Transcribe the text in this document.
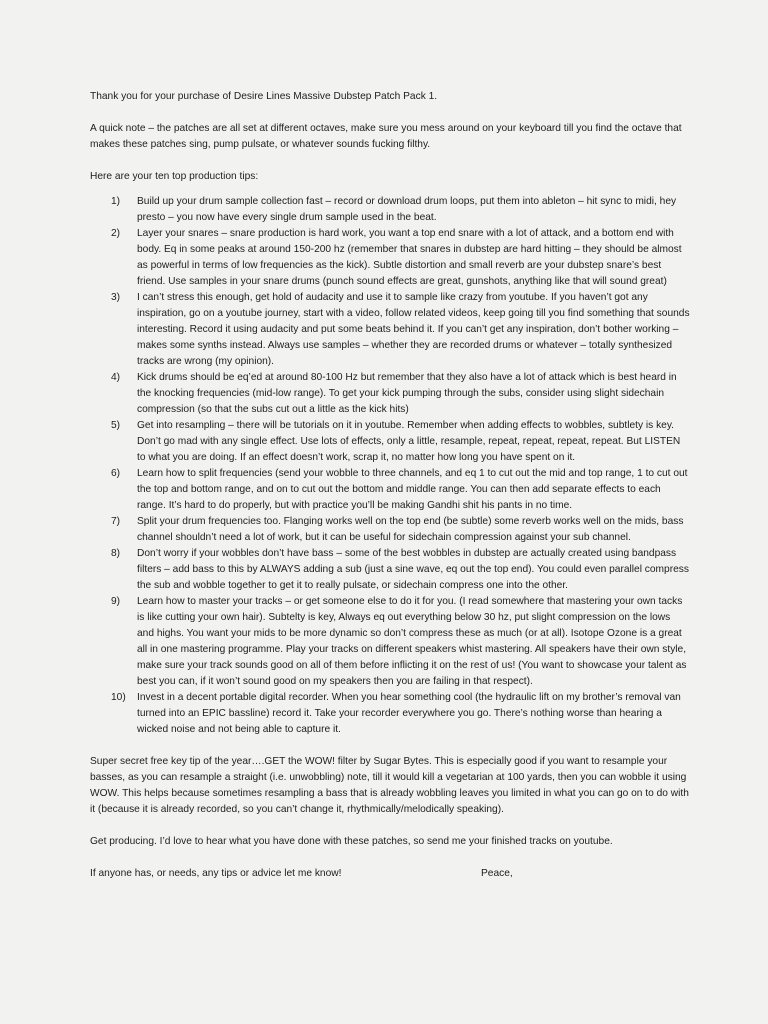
Thank you for your purchase of Desire Lines Massive Dubstep Patch Pack 1.

A quick note – the patches are all set at different octaves, make sure you mess around on your keyboard till you find the octave that makes these patches sing, pump pulsate, or whatever sounds fucking filthy.

Here are your ten top production tips:

1) Build up your drum sample collection fast – record or download drum loops, put them into ableton – hit sync to midi, hey presto – you now have every single drum sample used in the beat.
2) Layer your snares – snare production is hard work, you want a top end snare with a lot of attack, and a bottom end with body. Eq in some peaks at around 150-200 hz (remember that snares in dubstep are hard hitting – they should be almost as powerful in terms of low frequencies as the kick). Subtle distortion and small reverb are your dubstep snare’s best friend. Use samples in your snare drums (punch sound effects are great, gunshots, anything like that will sound great)
3) I can’t stress this enough, get hold of audacity and use it to sample like crazy from youtube. If you haven’t got any inspiration, go on a youtube journey, start with a video, follow related videos, keep going till you find something that sounds interesting. Record it using audacity and put some beats behind it. If you can’t get any inspiration, don’t bother working – makes some synths instead. Always use samples – whether they are recorded drums or whatever – totally synthesized tracks are wrong (my opinion).
4) Kick drums should be eq’ed at around 80-100 Hz but remember that they also have a lot of attack which is best heard in the knocking frequencies (mid-low range). To get your kick pumping through the subs, consider using slight sidechain compression (so that the subs cut out a little as the kick hits)
5) Get into resampling – there will be tutorials on it in youtube. Remember when adding effects to wobbles, subtlety is key. Don’t go mad with any single effect. Use lots of effects, only a little, resample, repeat, repeat, repeat, repeat. But LISTEN to what you are doing. If an effect doesn’t work, scrap it, no matter how long you have spent on it.
6) Learn how to split frequencies (send your wobble to three channels, and eq 1 to cut out the mid and top range, 1 to cut out the top and bottom range, and on to cut out the bottom and middle range. You can then add separate effects to each range. It’s hard to do properly, but with practice you’ll be making Gandhi shit his pants in no time.
7) Split your drum frequencies too. Flanging works well on the top end (be subtle) some reverb works well on the mids, bass channel shouldn’t need a lot of work, but it can be useful for sidechain compression against your sub channel.
8) Don’t worry if your wobbles don’t have bass – some of the best wobbles in dubstep are actually created using bandpass filters – add bass to this by ALWAYS adding a sub (just a sine wave, eq out the top end). You could even parallel compress the sub and wobble together to get it to really pulsate, or sidechain compress one into the other.
9) Learn how to master your tracks – or get someone else to do it for you. (I read somewhere that mastering your own tacks is like cutting your own hair). Subtelty is key, Always eq out everything below 30 hz, put slight compression on the lows and highs. You want your mids to be more dynamic so don’t compress these as much (or at all). Isotope Ozone is a great all in one mastering programme. Play your tracks on different speakers whist mastering. All speakers have their own style, make sure your track sounds good on all of them before inflicting it on the rest of us! (You want to showcase your talent as best you can, if it won’t sound good on my speakers then you are failing in that respect).
10) Invest in a decent portable digital recorder. When you hear something cool (the hydraulic lift on my brother’s removal van turned into an EPIC bassline) record it. Take your recorder everywhere you go. There’s nothing worse than hearing a wicked noise and not being able to capture it.

Super secret free key tip of the year….GET the WOW! filter by Sugar Bytes. This is especially good if you want to resample your basses, as you can resample a straight (i.e. unwobbling) note, till it would kill a vegetarian at 100 yards, then you can wobble it using WOW. This helps because sometimes resampling a bass that is already wobbling leaves you limited in what you can go on to do with it (because it is already recorded, so you can’t change it, rhythmically/melodically speaking).

Get producing. I’d love to hear what you have done with these patches, so send me your finished tracks on youtube.

If anyone has, or needs, any tips or advice let me know!	Peace,
